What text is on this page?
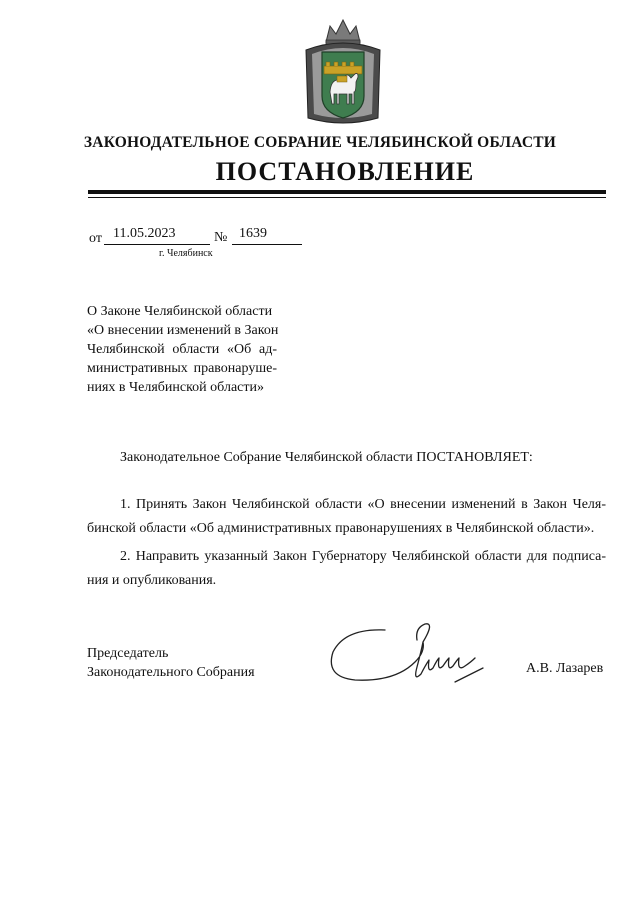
ЗАКОНОДАТЕЛЬНОЕ СОБРАНИЕ ЧЕЛЯБИНСКОЙ ОБЛАСТИ
ПОСТАНОВЛЕНИЕ
от 11.05.2023	№ 1639
г. Челябинск
О Законе Челябинской области
«О внесении изменений в Закон
Челябинской области «Об ад-
министративных правонаруше-
ниях в Челябинской области»
Законодательное Собрание Челябинской области ПОСТАНОВЛЯЕТ:
1. Принять Закон Челябинской области «О внесении изменений в Закон Челя-
бинской области «Об административных правонарушениях в Челябинской области».
2. Направить указанный Закон Губернатору Челябинской области для подписа-
ния и опубликования.
Председатель
Законодательного Собрания	А.В. Лазарев
